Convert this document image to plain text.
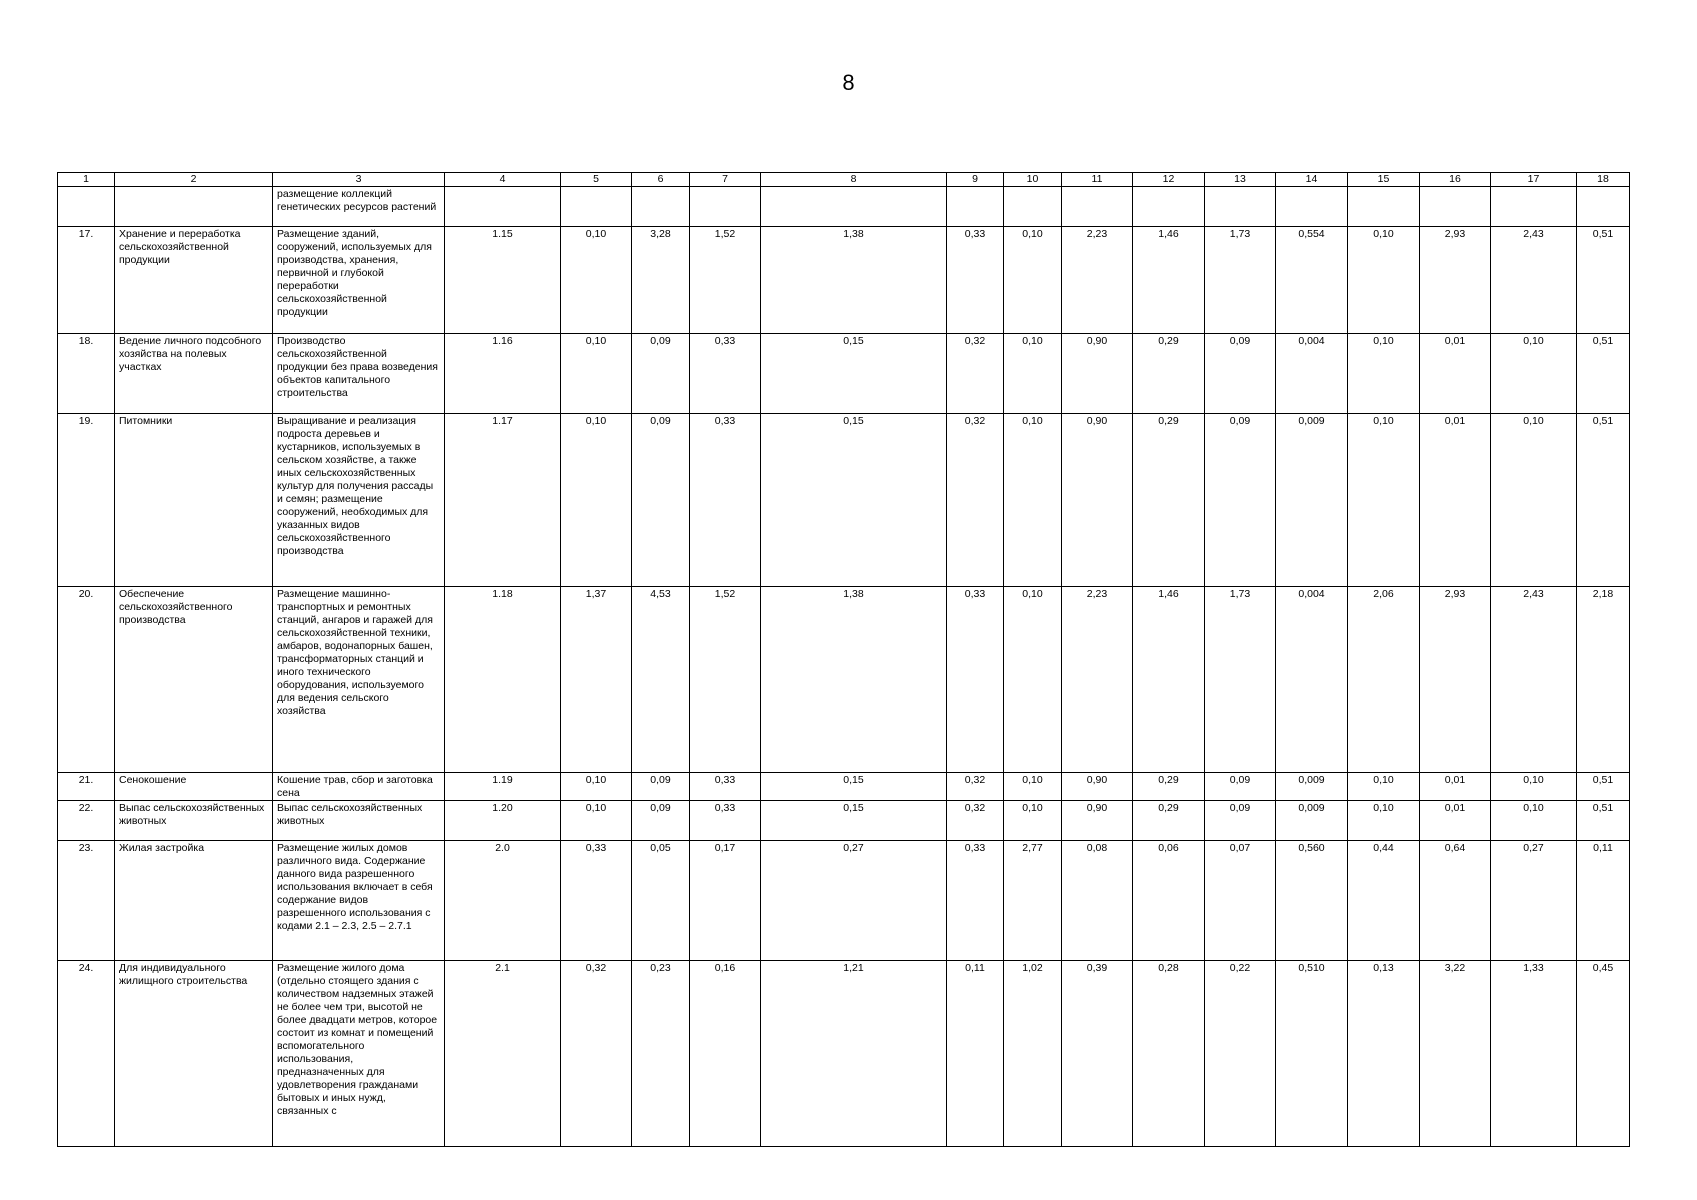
8
1	2	3	4	5	6	7	8	9	10	11	12	13	14	15	16	17	18
		размещение коллекций генетических ресурсов растений															
17.	Хранение и переработка сельскохозяйственной продукции	Размещение зданий, сооружений, используемых для производства, хранения, первичной и глубокой переработки сельскохозяйственной продукции	1.15	0,10	3,28	1,52	1,38	0,33	0,10	2,23	1,46	1,73	0,554	0,10	2,93	2,43	0,51
18.	Ведение личного подсобного хозяйства на полевых участках	Производство сельскохозяйственной продукции без права возведения объектов капитального строительства	1.16	0,10	0,09	0,33	0,15	0,32	0,10	0,90	0,29	0,09	0,004	0,10	0,01	0,10	0,51
19.	Питомники	Выращивание и реализация подроста деревьев и кустарников, используемых в сельском хозяйстве, а также иных сельскохозяйственных культур для получения рассады и семян; размещение сооружений, необходимых для указанных видов сельскохозяйственного производства	1.17	0,10	0,09	0,33	0,15	0,32	0,10	0,90	0,29	0,09	0,009	0,10	0,01	0,10	0,51
20.	Обеспечение сельскохозяйственного производства	Размещение машинно-транспортных и ремонтных станций, ангаров и гаражей для сельскохозяйственной техники, амбаров, водонапорных башен, трансформаторных станций и иного технического оборудования, используемого для ведения сельского хозяйства	1.18	1,37	4,53	1,52	1,38	0,33	0,10	2,23	1,46	1,73	0,004	2,06	2,93	2,43	2,18
21.	Сенокошение	Кошение трав, сбор и заготовка сена	1.19	0,10	0,09	0,33	0,15	0,32	0,10	0,90	0,29	0,09	0,009	0,10	0,01	0,10	0,51
22.	Выпас сельскохозяйственных животных	Выпас сельскохозяйственных животных	1.20	0,10	0,09	0,33	0,15	0,32	0,10	0,90	0,29	0,09	0,009	0,10	0,01	0,10	0,51
23.	Жилая застройка	Размещение жилых домов различного вида. Содержание данного вида разрешенного использования включает в себя содержание видов разрешенного использования с кодами 2.1 – 2.3, 2.5 – 2.7.1	2.0	0,33	0,05	0,17	0,27	0,33	2,77	0,08	0,06	0,07	0,560	0,44	0,64	0,27	0,11
24.	Для индивидуального жилищного строительства	Размещение жилого дома (отдельно стоящего здания с количеством надземных этажей не более чем три, высотой не более двадцати метров, которое состоит из комнат и помещений вспомогательного использования, предназначенных для удовлетворения гражданами бытовых и иных нужд, связанных с	2.1	0,32	0,23	0,16	1,21	0,11	1,02	0,39	0,28	0,22	0,510	0,13	3,22	1,33	0,45
